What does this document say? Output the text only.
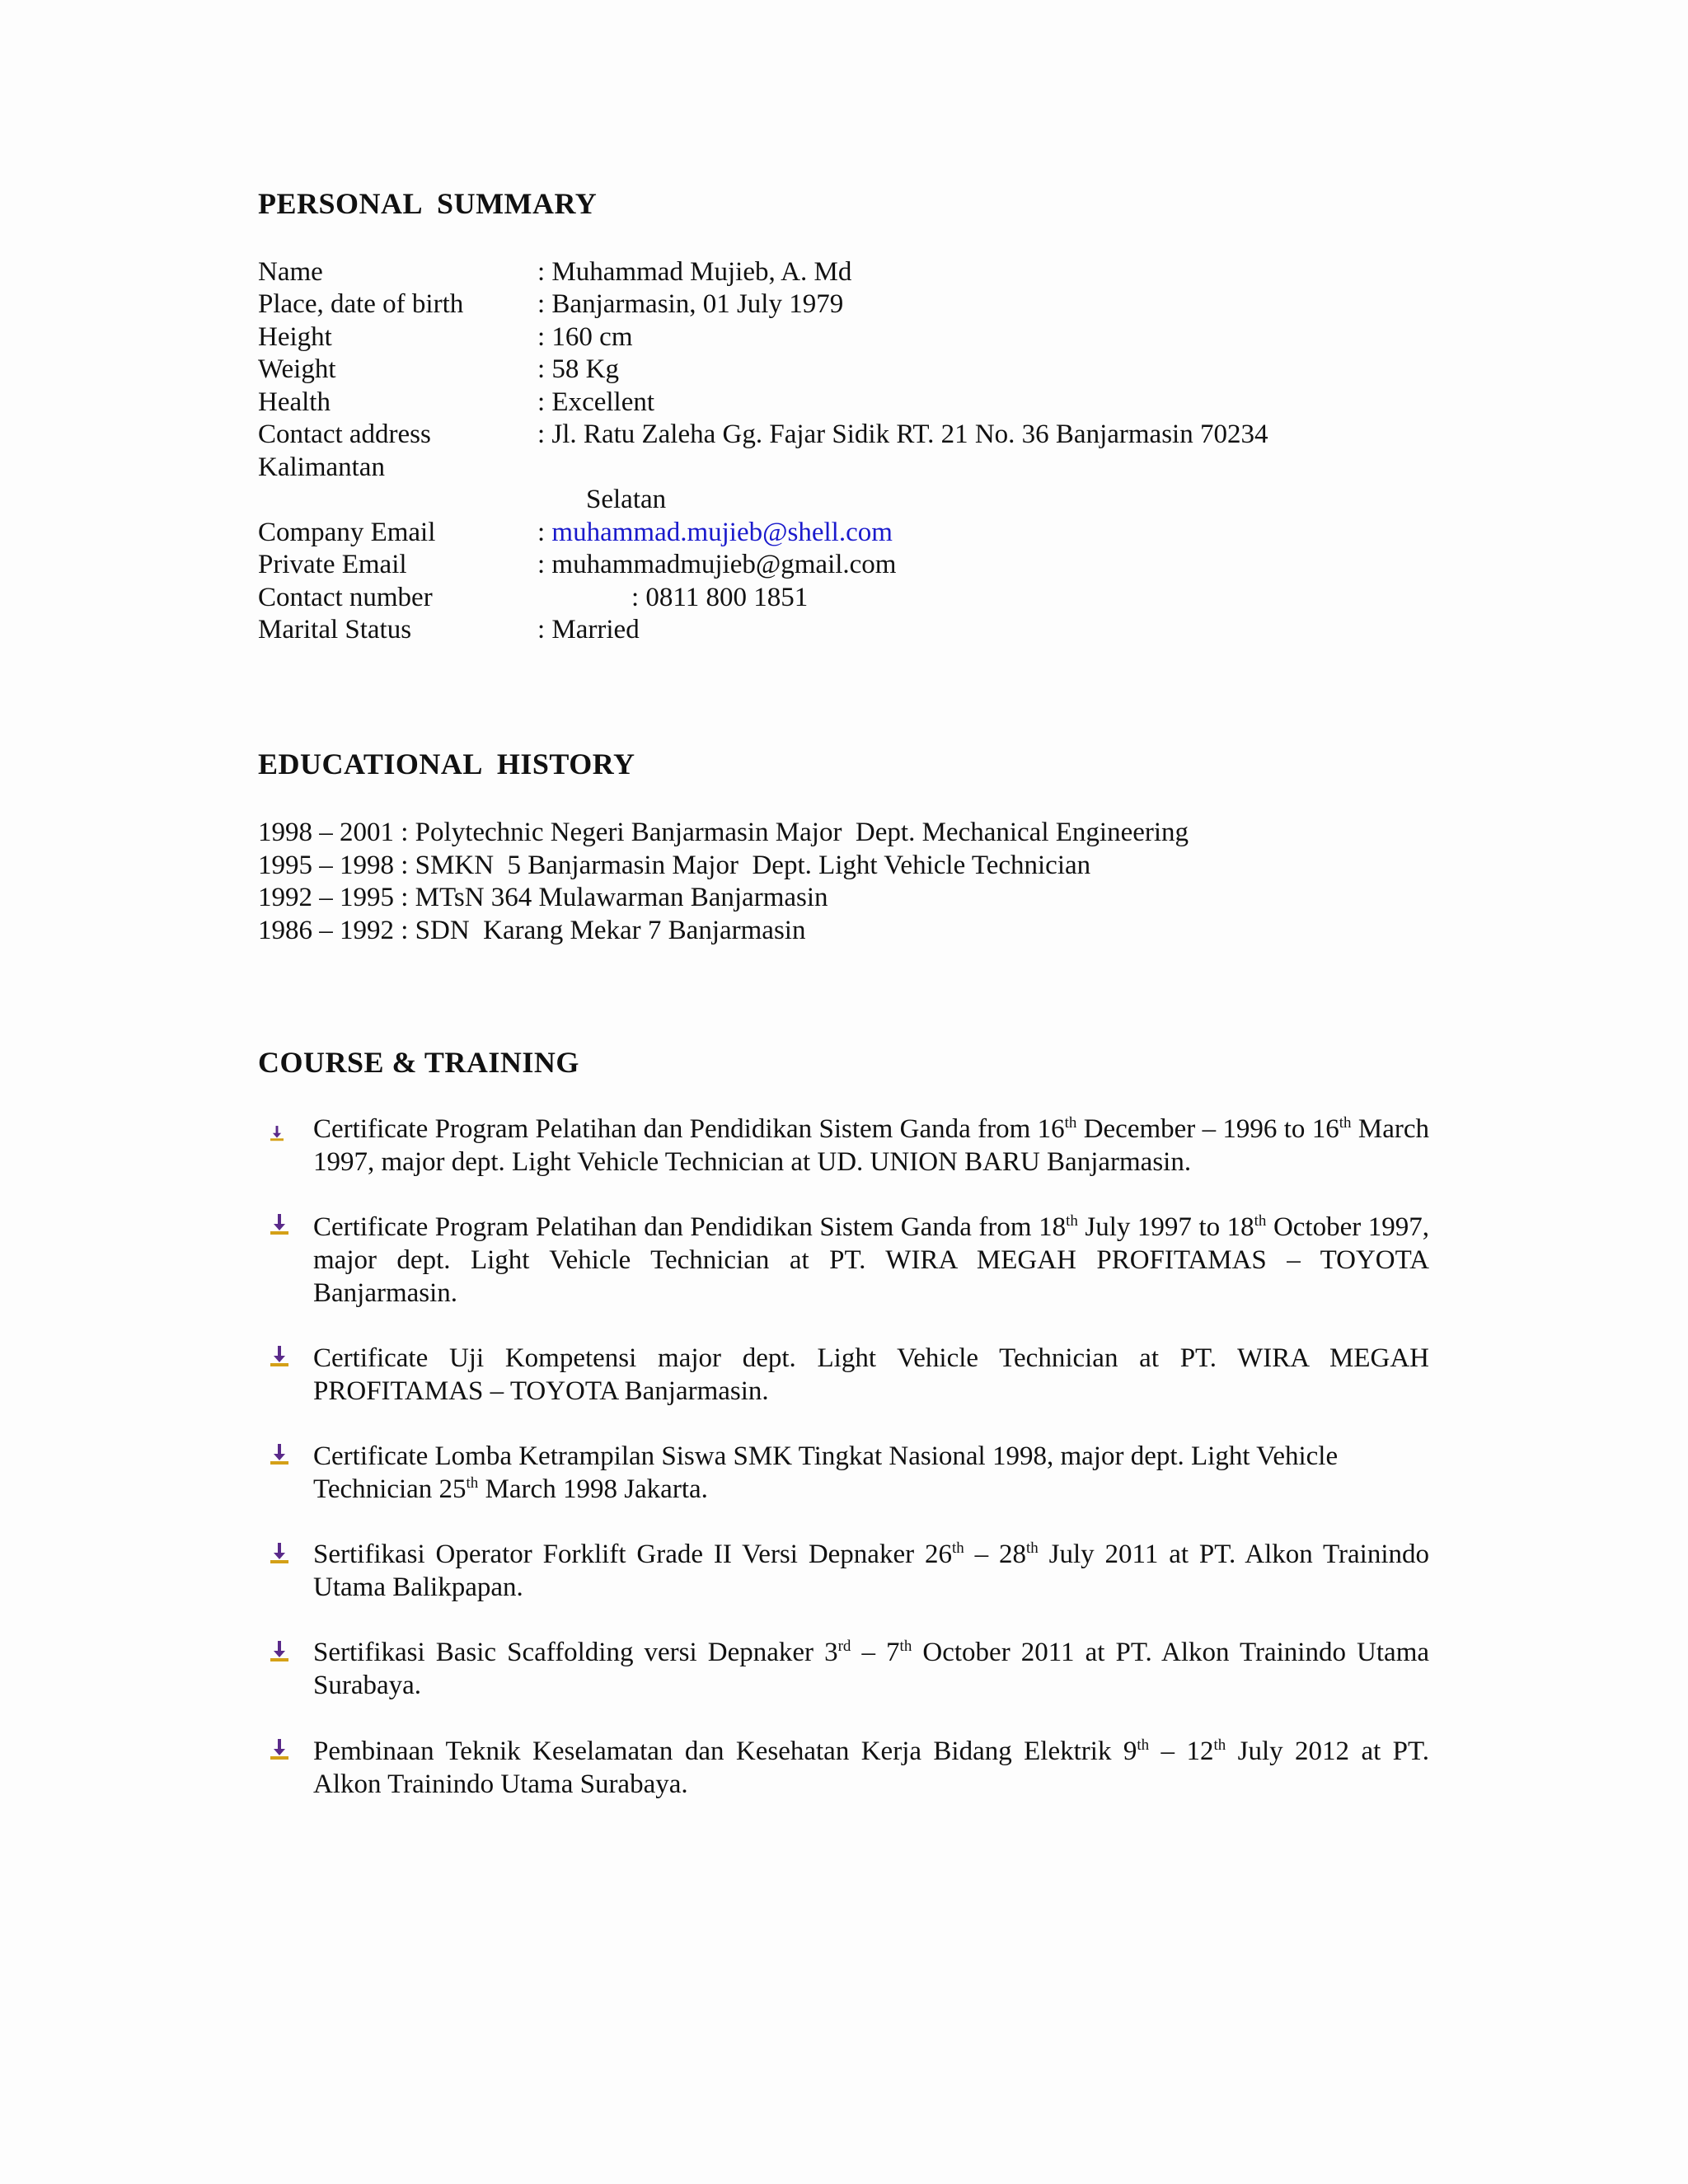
PERSONAL  SUMMARY
Name	: Muhammad Mujieb, A. Md
Place, date of birth	: Banjarmasin, 01 July 1979
Height	: 160 cm
Weight	: 58 Kg
Health	: Excellent
Contact address	: Jl. Ratu Zaleha Gg. Fajar Sidik RT. 21 No. 36 Banjarmasin 70234
Kalimantan
Selatan
Company Email	: muhammad.mujieb@shell.com
Private Email	: muhammadmujieb@gmail.com
Contact number	: 0811 800 1851
Marital Status	: Married
EDUCATIONAL  HISTORY
1998 – 2001 : Polytechnic Negeri Banjarmasin Major  Dept. Mechanical Engineering
1995 – 1998 : SMKN  5 Banjarmasin Major  Dept. Light Vehicle Technician
1992 – 1995 : MTsN 364 Mulawarman Banjarmasin
1986 – 1992 : SDN  Karang Mekar 7 Banjarmasin
COURSE & TRAINING
Certificate Program Pelatihan dan Pendidikan Sistem Ganda from 16th December – 1996 to 16th March 1997, major dept. Light Vehicle Technician at UD. UNION BARU Banjarmasin.
Certificate Program Pelatihan dan Pendidikan Sistem Ganda from 18th July 1997 to 18th October 1997, major dept. Light Vehicle Technician at PT. WIRA MEGAH PROFITAMAS – TOYOTA Banjarmasin.
Certificate Uji Kompetensi major dept. Light Vehicle Technician at PT. WIRA MEGAH PROFITAMAS – TOYOTA Banjarmasin.
Certificate Lomba Ketrampilan Siswa SMK Tingkat Nasional 1998, major dept. Light Vehicle Technician 25th March 1998 Jakarta.
Sertifikasi Operator Forklift Grade II Versi Depnaker 26th – 28th July 2011 at PT. Alkon Trainindo Utama Balikpapan.
Sertifikasi Basic Scaffolding versi Depnaker 3rd – 7th October 2011 at PT. Alkon Trainindo Utama Surabaya.
Pembinaan Teknik Keselamatan dan Kesehatan Kerja Bidang Elektrik 9th – 12th July 2012 at PT. Alkon Trainindo Utama Surabaya.
